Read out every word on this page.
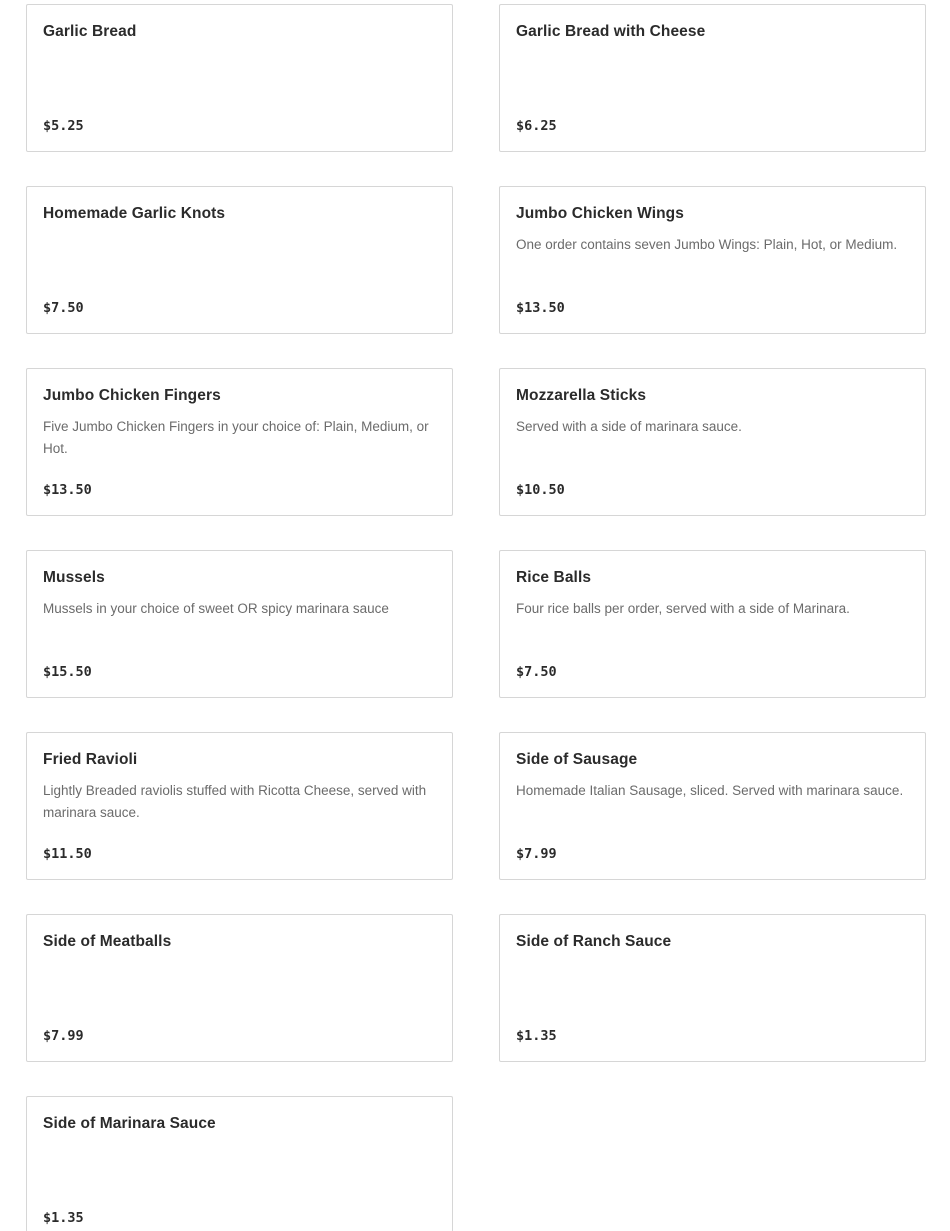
Garlic Bread
$5.25
Garlic Bread with Cheese
$6.25
Homemade Garlic Knots
$7.50
Jumbo Chicken Wings
One order contains seven Jumbo Wings: Plain, Hot, or Medium.
$13.50
Jumbo Chicken Fingers
Five Jumbo Chicken Fingers in your choice of: Plain, Medium, or Hot.
$13.50
Mozzarella Sticks
Served with a side of marinara sauce.
$10.50
Mussels
Mussels in your choice of sweet OR spicy marinara sauce
$15.50
Rice Balls
Four rice balls per order, served with a side of Marinara.
$7.50
Fried Ravioli
Lightly Breaded raviolis stuffed with Ricotta Cheese, served with marinara sauce.
$11.50
Side of Sausage
Homemade Italian Sausage, sliced. Served with marinara sauce.
$7.99
Side of Meatballs
$7.99
Side of Ranch Sauce
$1.35
Side of Marinara Sauce
$1.35
